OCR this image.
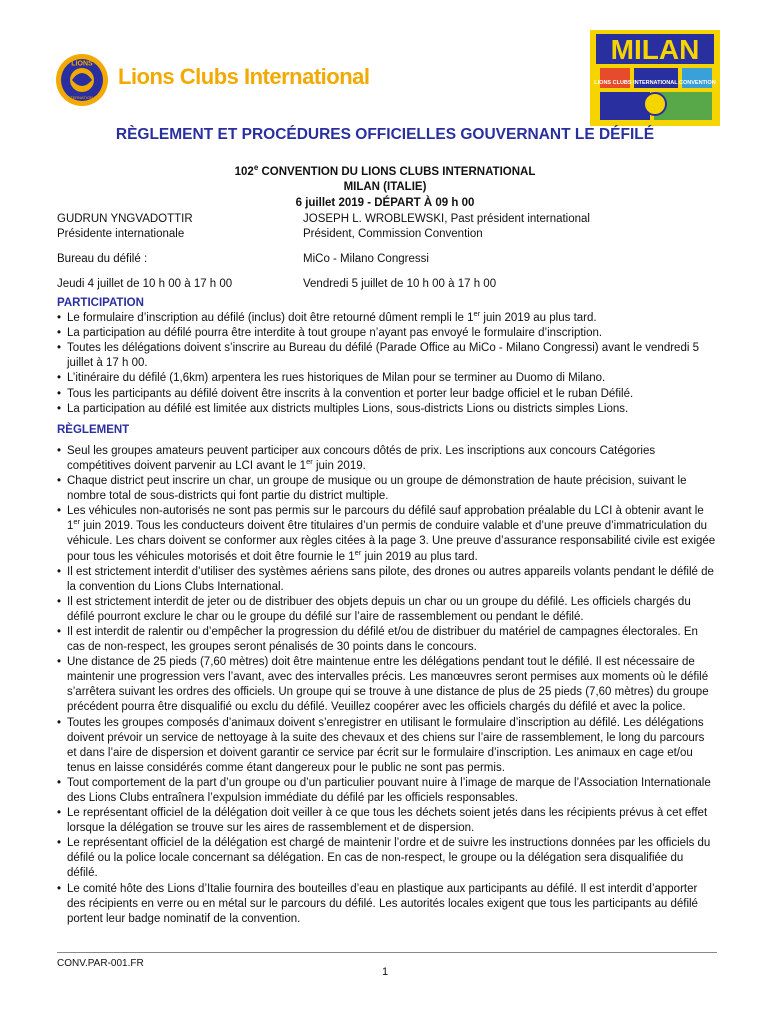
LIONS
INTERNATIONAL
Lions Clubs International
MILAN
LIONS CLUBS INTERNATIONAL CONVENTION
RÈGLEMENT ET PROCÉDURES OFFICIELLES GOUVERNANT LE DÉFILÉ
102e CONVENTION DU LIONS CLUBS INTERNATIONAL
MILAN (ITALIE)
6 juillet 2019 - DÉPART À 09 h 00
GUDRUN YNGVADOTTIR	JOSEPH L. WROBLEWSKI, Past président international
Présidente internationale	Président, Commission Convention
Bureau du défilé :	MiCo - Milano Congressi
Jeudi 4 juillet de 10 h 00 à 17 h 00	Vendredi 5 juillet de 10 h 00 à 17 h 00
PARTICIPATION
• Le formulaire d’inscription au défilé (inclus) doit être retourné dûment rempli le 1er juin 2019 au plus tard.
• La participation au défilé pourra être interdite à tout groupe n’ayant pas envoyé le formulaire d’inscription.
• Toutes les délégations doivent s’inscrire au Bureau du défilé (Parade Office au MiCo - Milano Congressi) avant le vendredi 5 juillet à 17 h 00.
• L’itinéraire du défilé (1,6km) arpentera les rues historiques de Milan pour se terminer au Duomo di Milano.
• Tous les participants au défilé doivent être inscrits à la convention et porter leur badge officiel et le ruban Défilé.
• La participation au défilé est limitée aux districts multiples Lions, sous-districts Lions ou districts simples Lions.
RÈGLEMENT
• Seul les groupes amateurs peuvent participer aux concours dôtés de prix. Les inscriptions aux concours Catégories compétitives doivent parvenir au LCI avant le 1er juin 2019.
• Chaque district peut inscrire un char, un groupe de musique ou un groupe de démonstration de haute précision, suivant le nombre total de sous-districts qui font partie du district multiple.
• Les véhicules non-autorisés ne sont pas permis sur le parcours du défilé sauf approbation préalable du LCI à obtenir avant le 1er juin 2019. Tous les conducteurs doivent être titulaires d’un permis de conduire valable et d’une preuve d’immatriculation du véhicule. Les chars doivent se conformer aux règles citées à la page 3. Une preuve d’assurance responsabilité civile est exigée pour tous les véhicules motorisés et doit être fournie le 1er juin 2019 au plus tard.
• Il est strictement interdit d’utiliser des systèmes aériens sans pilote, des drones ou autres appareils volants pendant le défilé de la convention du Lions Clubs International.
• Il est strictement interdit de jeter ou de distribuer des objets depuis un char ou un groupe du défilé. Les officiels chargés du défilé pourront exclure le char ou le groupe du défilé sur l’aire de rassemblement ou pendant le défilé.
• Il est interdit de ralentir ou d’empêcher la progression du défilé et/ou de distribuer du matériel de campagnes électorales. En cas de non-respect, les groupes seront pénalisés de 30 points dans le concours.
• Une distance de 25 pieds (7,60 mètres) doit être maintenue entre les délégations pendant tout le défilé. Il est nécessaire de maintenir une progression vers l’avant, avec des intervalles précis. Les manœuvres seront permises aux moments où le défilé s’arrêtera suivant les ordres des officiels. Un groupe qui se trouve à une distance de plus de 25 pieds (7,60 mètres) du groupe précédent pourra être disqualifié ou exclu du défilé. Veuillez coopérer avec les officiels chargés du défilé et avec la police.
• Toutes les groupes composés d’animaux doivent s’enregistrer en utilisant le formulaire d’inscription au défilé. Les délégations doivent prévoir un service de nettoyage à la suite des chevaux et des chiens sur l’aire de rassemblement, le long du parcours et dans l’aire de dispersion et doivent garantir ce service par écrit sur le formulaire d’inscription. Les animaux en cage et/ou tenus en laisse considérés comme étant dangereux pour le public ne sont pas permis.
• Tout comportement de la part d’un groupe ou d’un particulier pouvant nuire à l’image de marque de l’Association Internationale des Lions Clubs entraînera l’expulsion immédiate du défilé par les officiels responsables.
• Le représentant officiel de la délégation doit veiller à ce que tous les déchets soient jetés dans les récipients prévus à cet effet lorsque la délégation se trouve sur les aires de rassemblement et de dispersion.
• Le représentant officiel de la délégation est chargé de maintenir l’ordre et de suivre les instructions données par les officiels du défilé ou la police locale concernant sa délégation. En cas de non-respect, le groupe ou la délégation sera disqualifiée du défilé.
• Le comité hôte des Lions d’Italie fournira des bouteilles d’eau en plastique aux participants au défilé. Il est interdit d’apporter des récipients en verre ou en métal sur le parcours du défilé. Les autorités locales exigent que tous les participants au défilé portent leur badge nominatif de la convention.
CONV.PAR-001.FR
1
